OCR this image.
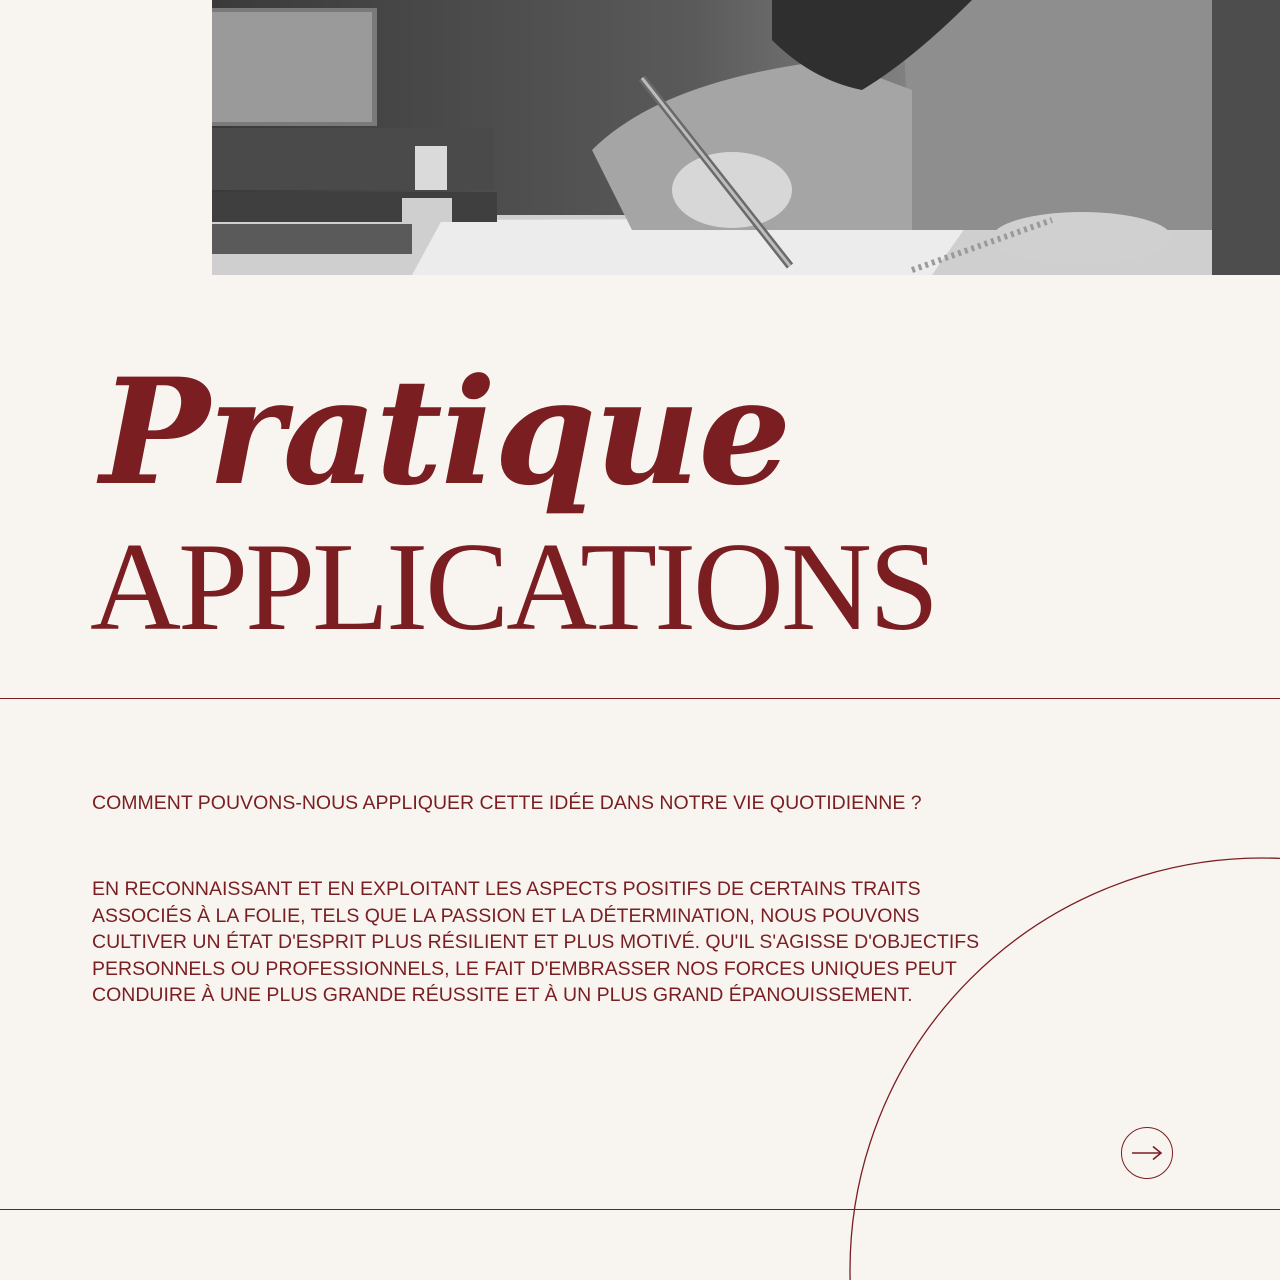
Pratique
APPLICATIONS

COMMENT POUVONS-NOUS APPLIQUER CETTE IDÉE DANS NOTRE VIE QUOTIDIENNE ?

EN RECONNAISSANT ET EN EXPLOITANT LES ASPECTS POSITIFS DE CERTAINS TRAITS
ASSOCIÉS À LA FOLIE, TELS QUE LA PASSION ET LA DÉTERMINATION, NOUS POUVONS
CULTIVER UN ÉTAT D'ESPRIT PLUS RÉSILIENT ET PLUS MOTIVÉ. QU'IL S'AGISSE D'OBJECTIFS
PERSONNELS OU PROFESSIONNELS, LE FAIT D'EMBRASSER NOS FORCES UNIQUES PEUT
CONDUIRE À UNE PLUS GRANDE RÉUSSITE ET À UN PLUS GRAND ÉPANOUISSEMENT.
